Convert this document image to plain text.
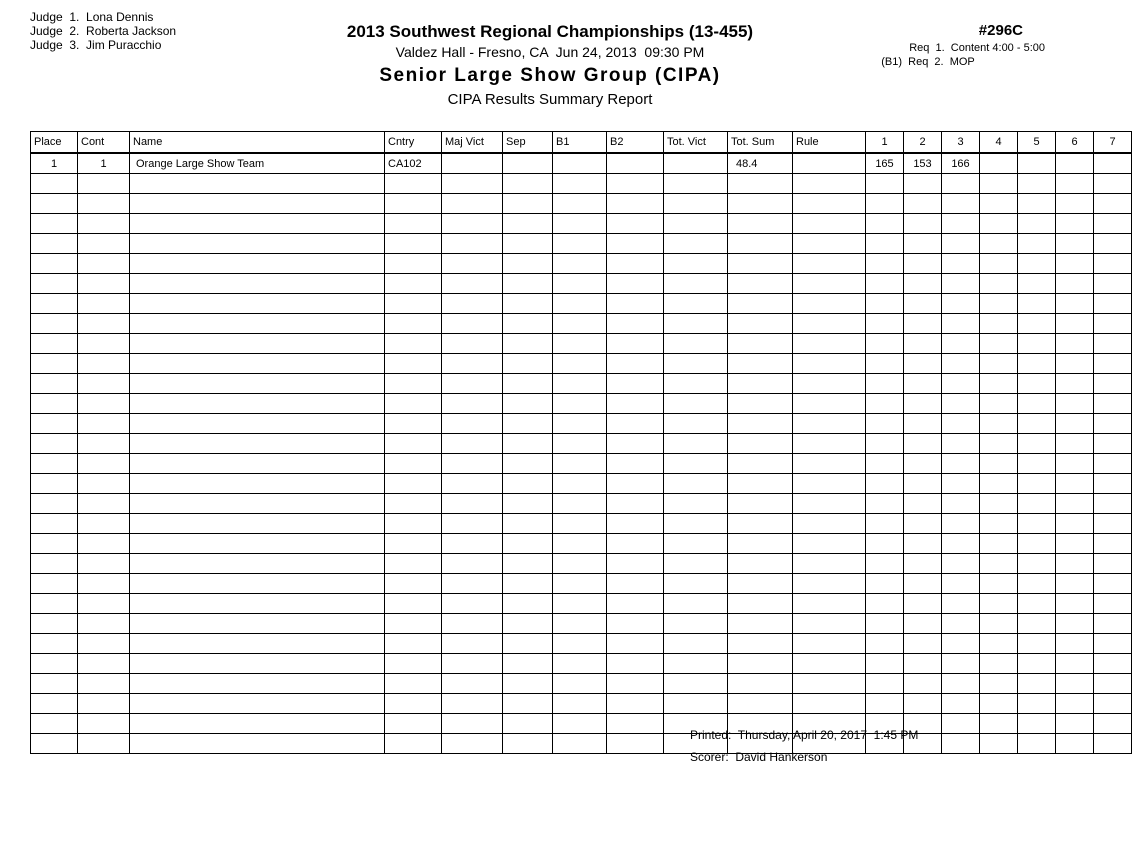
Judge  1.  Lona Dennis
Judge  2.  Roberta Jackson
Judge  3.  Jim Puracchio
2013 Southwest Regional Championships (13-455)
Valdez Hall - Fresno, CA  Jun 24, 2013  09:30 PM
Senior Large Show Group (CIPA)
CIPA Results Summary Report
#296C
Req  1.  Content 4:00 - 5:00
(B1)  Req  2.  MOP
Place	Cont	Name	Cntry	Maj Vict	Sep	B1	B2	Tot. Vict	Tot. Sum	Rule	1	2	3	4	5	6	7
1	1	Orange Large Show Team	CA102						48.4		165	153	166				

Printed:  Thursday, April 20, 2017  1:45 PM
Scorer:  David Hankerson
